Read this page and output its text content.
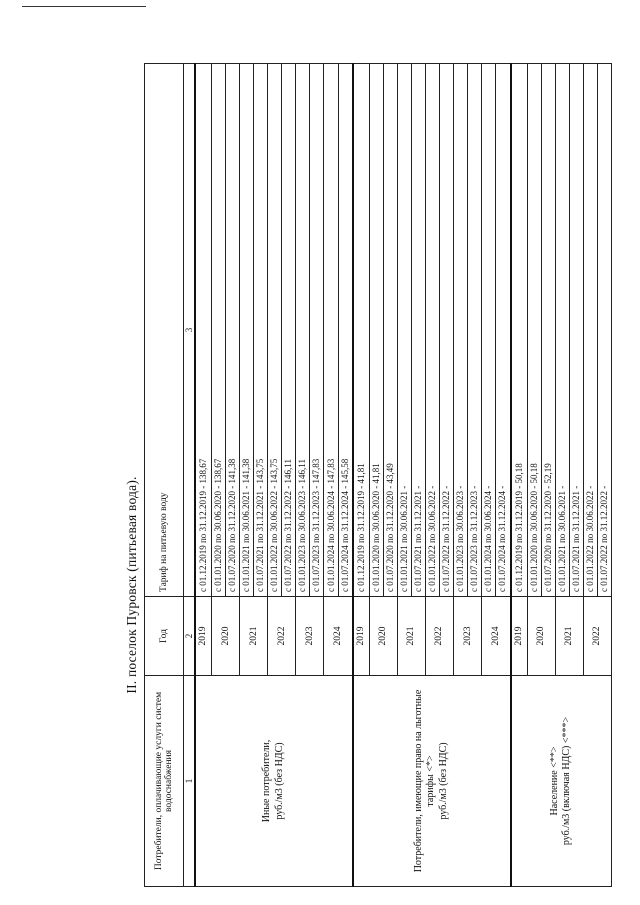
II. поселок Пуровск (питьевая вода).
Потребители, оплачивающие услуги систем водоснабжения	Год	Тариф на питьевую воду
1	2	3

Иные потребители, руб./м3 (без НДС)	2019	с 01.12.2019 по 31.12.2019 - 138,67
	2020	с 01.01.2020 по 30.06.2020 - 138,67
		с 01.07.2020 по 31.12.2020 - 141,38
	2021	с 01.01.2021 по 30.06.2021 - 141,38
		с 01.07.2021 по 31.12.2021 - 143,75
	2022	с 01.01.2022 по 30.06.2022 - 143,75
		с 01.07.2022 по 31.12.2022 - 146,11
	2023	с 01.01.2023 по 30.06.2023 - 146,11
		с 01.07.2023 по 31.12.2023 - 147,83
	2024	с 01.01.2024 по 30.06.2024 - 147,83
		с 01.07.2024 по 31.12.2024 - 145,58

Потребители, имеющие право на льготные тарифы <*> руб./м3 (без НДС)	2019	с 01.12.2019 по 31.12.2019 - 41,81
	2020	с 01.01.2020 по 30.06.2020 - 41,81
		с 01.07.2020 по 31.12.2020 - 43,49
	2021	с 01.01.2021 по 30.06.2021 -
		с 01.07.2021 по 31.12.2021 -
	2022	с 01.01.2022 по 30.06.2022 -
		с 01.07.2022 по 31.12.2022 -
	2023	с 01.01.2023 по 30.06.2023 -
		с 01.07.2023 по 31.12.2023 -
	2024	с 01.01.2024 по 30.06.2024 -
		с 01.07.2024 по 31.12.2024 -

Население <**> руб./м3 (включая НДС) <***>	2019	с 01.12.2019 по 31.12.2019 - 50,18
	2020	с 01.01.2020 по 30.06.2020 - 50,18
		с 01.07.2020 по 31.12.2020 - 52,19
	2021	с 01.01.2021 по 30.06.2021 -
		с 01.07.2021 по 31.12.2021 -
	2022	с 01.01.2022 по 30.06.2022 -
		с 01.07.2022 по 31.12.2022 -
